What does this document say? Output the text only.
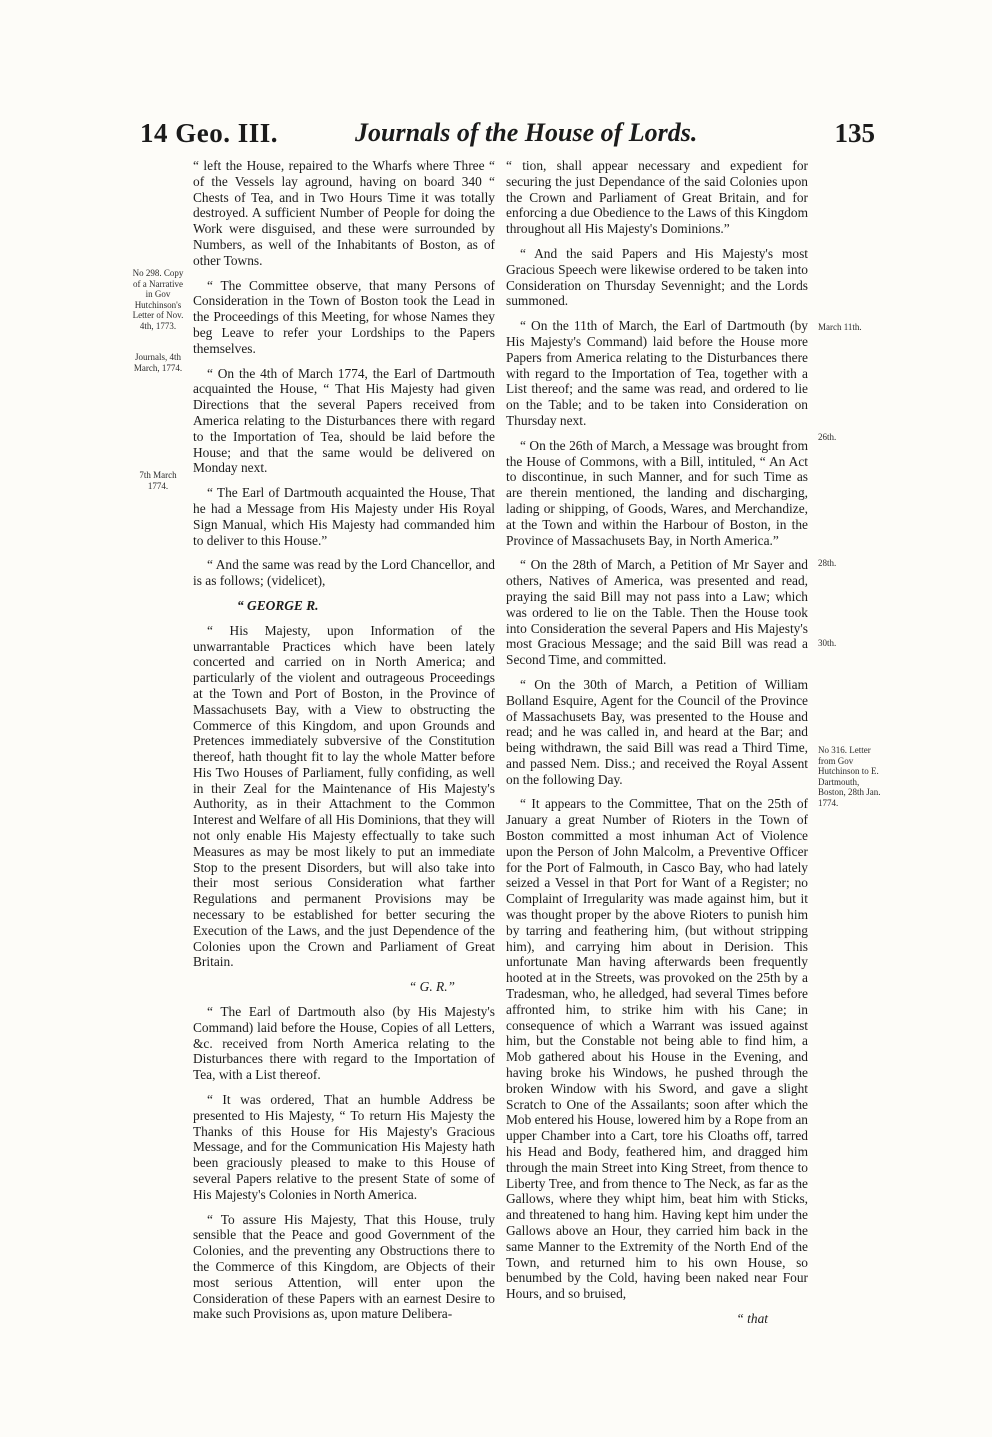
14 Geo. III.	Journals of the House of Lords.	135

“ left the House, repaired to the Wharfs where Three “ of the Vessels lay aground, having on board 340 “ Chests of Tea, and in Two Hours Time it was totally destroyed. A sufficient Number of People for doing the Work were disguised, and these were surrounded by Numbers, as well of the Inhabitants of Boston, as of other Towns.

“ The Committee observe, that many Persons of Consideration in the Town of Boston took the Lead in the Proceedings of this Meeting, for whose Names they beg Leave to refer your Lordships to the Papers themselves.

“ On the 4th of March 1774, the Earl of Dartmouth acquainted the House, “ That His Majesty had given Directions that the several Papers received from America relating to the Disturbances there with regard to the Importation of Tea, should be laid before the House; and that the same would be delivered on Monday next.

“ The Earl of Dartmouth acquainted the House, That he had a Message from His Majesty under His Royal Sign Manual, which His Majesty had commanded him to deliver to this House.”

“ And the same was read by the Lord Chancellor, and is as follows; (videlicet),

“ GEORGE R.

“ His Majesty, upon Information of the unwarrantable Practices which have been lately concerted and carried on in North America; and particularly of the violent and outrageous Proceedings at the Town and Port of Boston, in the Province of Massachusets Bay, with a View to obstructing the Commerce of this Kingdom, and upon Grounds and Pretences immediately subversive of the Constitution thereof, hath thought fit to lay the whole Matter before His Two Houses of Parliament, fully confiding, as well in their Zeal for the Maintenance of His Majesty's Authority, as in their Attachment to the Common Interest and Welfare of all His Dominions, that they will not only enable His Majesty effectually to take such Measures as may be most likely to put an immediate Stop to the present Disorders, but will also take into their most serious Consideration what farther Regulations and permanent Provisions may be necessary to be established for better securing the Execution of the Laws, and the just Dependence of the Colonies upon the Crown and Parliament of Great Britain.

“ G. R.”

“ The Earl of Dartmouth also (by His Majesty's Command) laid before the House, Copies of all Letters, &c. received from North America relating to the Disturbances there with regard to the Importation of Tea, with a List thereof.

“ It was ordered, That an humble Address be presented to His Majesty, “ To return His Majesty the Thanks of this House for His Majesty's Gracious Message, and for the Communication His Majesty hath been graciously pleased to make to this House of several Papers relative to the present State of some of His Majesty's Colonies in North America.

“ To assure His Majesty, That this House, truly sensible that the Peace and good Government of the Colonies, and the preventing any Obstructions there to the Commerce of this Kingdom, are Objects of their most serious Attention, will enter upon the Consideration of these Papers with an earnest Desire to make such Provisions as, upon mature Delibera-

“ tion, shall appear necessary and expedient for securing the just Dependance of the said Colonies upon the Crown and Parliament of Great Britain, and for enforcing a due Obedience to the Laws of this Kingdom throughout all His Majesty's Dominions.”

“ And the said Papers and His Majesty's most Gracious Speech were likewise ordered to be taken into Consideration on Thursday Sevennight; and the Lords summoned.

“ On the 11th of March, the Earl of Dartmouth (by His Majesty's Command) laid before the House more Papers from America relating to the Disturbances there with regard to the Importation of Tea, together with a List thereof; and the same was read, and ordered to lie on the Table; and to be taken into Consideration on Thursday next.

“ On the 26th of March, a Message was brought from the House of Commons, with a Bill, intituled, “ An Act to discontinue, in such Manner, and for such Time as are therein mentioned, the landing and discharging, lading or shipping, of Goods, Wares, and Merchandize, at the Town and within the Harbour of Boston, in the Province of Massachusets Bay, in North America.”

“ On the 28th of March, a Petition of Mr Sayer and others, Natives of America, was presented and read, praying the said Bill may not pass into a Law; which was ordered to lie on the Table. Then the House took into Consideration the several Papers and His Majesty's most Gracious Message; and the said Bill was read a Second Time, and committed.

“ On the 30th of March, a Petition of William Bolland Esquire, Agent for the Council of the Province of Massachusets Bay, was presented to the House and read; and he was called in, and heard at the Bar; and being withdrawn, the said Bill was read a Third Time, and passed Nem. Diss.; and received the Royal Assent on the following Day.

“ It appears to the Committee, That on the 25th of January a great Number of Rioters in the Town of Boston committed a most inhuman Act of Violence upon the Person of John Malcolm, a Preventive Officer for the Port of Falmouth, in Casco Bay, who had lately seized a Vessel in that Port for Want of a Register; no Complaint of Irregularity was made against him, but it was thought proper by the above Rioters to punish him by tarring and feathering him, (but without stripping him), and carrying him about in Derision. This unfortunate Man having afterwards been frequently hooted at in the Streets, was provoked on the 25th by a Tradesman, who, he alledged, had several Times before affronted him, to strike him with his Cane; in consequence of which a Warrant was issued against him, but the Constable not being able to find him, a Mob gathered about his House in the Evening, and having broke his Windows, he pushed through the broken Window with his Sword, and gave a slight Scratch to One of the Assailants; soon after which the Mob entered his House, lowered him by a Rope from an upper Chamber into a Cart, tore his Cloaths off, tarred his Head and Body, feathered him, and dragged him through the main Street into King Street, from thence to Liberty Tree, and from thence to The Neck, as far as the Gallows, where they whipt him, beat him with Sticks, and threatened to hang him. Having kept him under the Gallows above an Hour, they carried him back in the same Manner to the Extremity of the North End of the Town, and returned him to his own House, so benumbed by the Cold, having been naked near Four Hours, and so bruised,

“ that

No 298. Copy of a Narrative in Gov Hutchinson's Letter of Nov. 4th, 1773.
Journals, 4th March, 1774.
7th March 1774.
March 11th.
26th.
28th.
30th.
No 316. Letter from Gov Hutchinson to E. Dartmouth, Boston, 28th Jan. 1774.
